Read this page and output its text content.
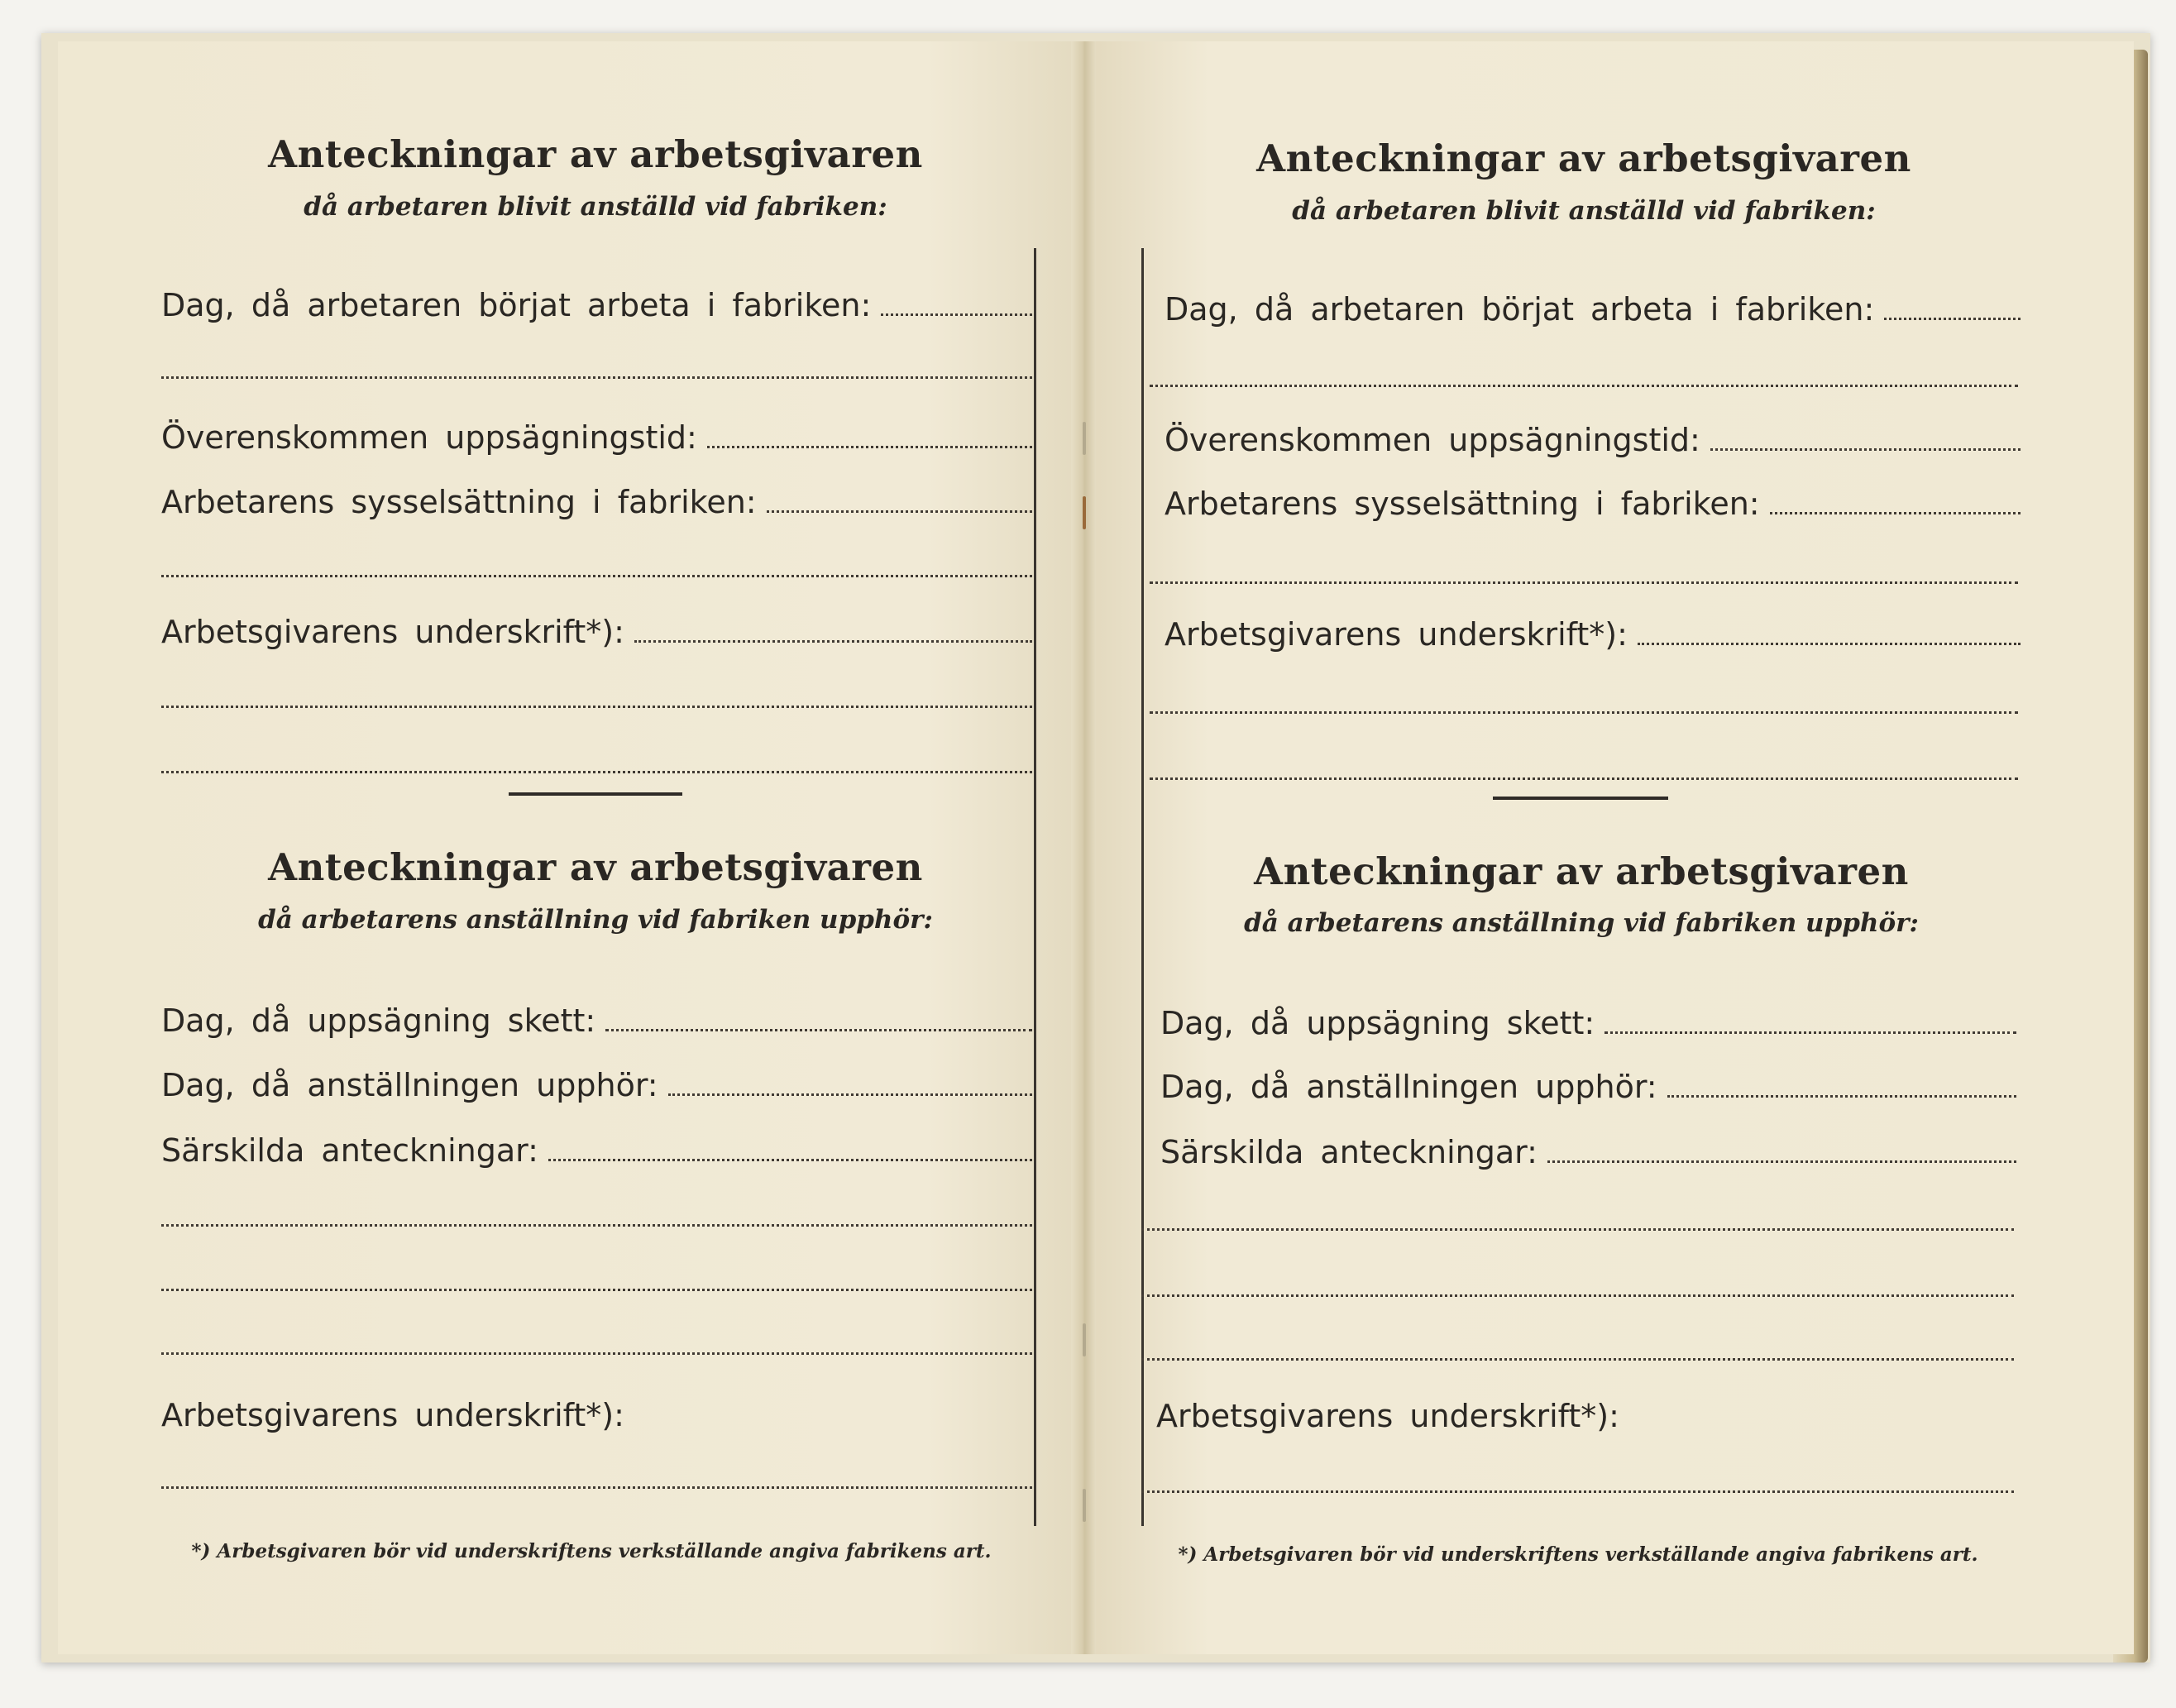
Anteckningar av arbetsgivaren
då arbetaren blivit anställd vid fabriken:
Dag, då arbetaren börjat arbeta i fabriken:
Överenskommen uppsägningstid:
Arbetarens sysselsättning i fabriken:
Arbetsgivarens underskrift*):
Anteckningar av arbetsgivaren
då arbetarens anställning vid fabriken upphör:
Dag, då uppsägning skett:
Dag, då anställningen upphör:
Särskilda anteckningar:
Arbetsgivarens underskrift*):
*) Arbetsgivaren bör vid underskriftens verkställande angiva fabrikens art.
Anteckningar av arbetsgivaren
då arbetaren blivit anställd vid fabriken:
Dag, då arbetaren börjat arbeta i fabriken:
Överenskommen uppsägningstid:
Arbetarens sysselsättning i fabriken:
Arbetsgivarens underskrift*):
Anteckningar av arbetsgivaren
då arbetarens anställning vid fabriken upphör:
Dag, då uppsägning skett:
Dag, då anställningen upphör:
Särskilda anteckningar:
Arbetsgivarens underskrift*):
*) Arbetsgivaren bör vid underskriftens verkställande angiva fabrikens art.
